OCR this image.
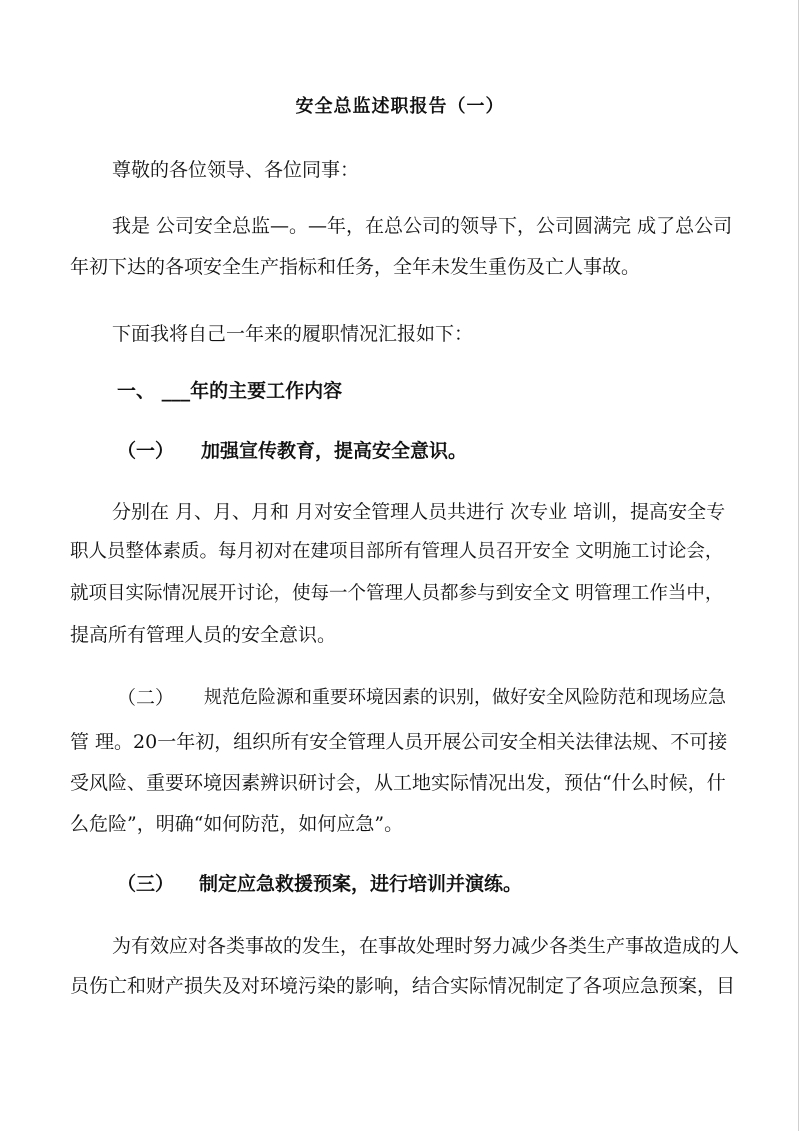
安全总监述职报告（一）
尊敬的各位领导、各位同事：
我是 公司安全总监—。—年，在总公司的领导下，公司圆满完 成了总公司
年初下达的各项安全生产指标和任务，全年未发生重伤及亡人事故。
下面我将自己一年来的履职情况汇报如下：
一、 ___年的主要工作内容
（一） 加强宣传教育，提高安全意识。
分别在 月、月、月和 月对安全管理人员共进行 次专业 培训，提高安全专
职人员整体素质。每月初对在建项目部所有管理人员召开安全 文明施工讨论会，
就项目实际情况展开讨论，使每一个管理人员都参与到安全文 明管理工作当中，
提高所有管理人员的安全意识。
（二） 规范危险源和重要环境因素的识别，做好安全风险防范和现场应急
管 理。20一年初，组织所有安全管理人员开展公司安全相关法律法规、不可接
受风险、重要环境因素辨识研讨会，从工地实际情况出发，预估“什么时候，什
么危险”，明确“如何防范，如何应急”。
（三） 制定应急救援预案，进行培训并演练。
为有效应对各类事故的发生，在事故处理时努力减少各类生产事故造成的人
员伤亡和财产损失及对环境污染的影响，结合实际情况制定了各项应急预案，目
